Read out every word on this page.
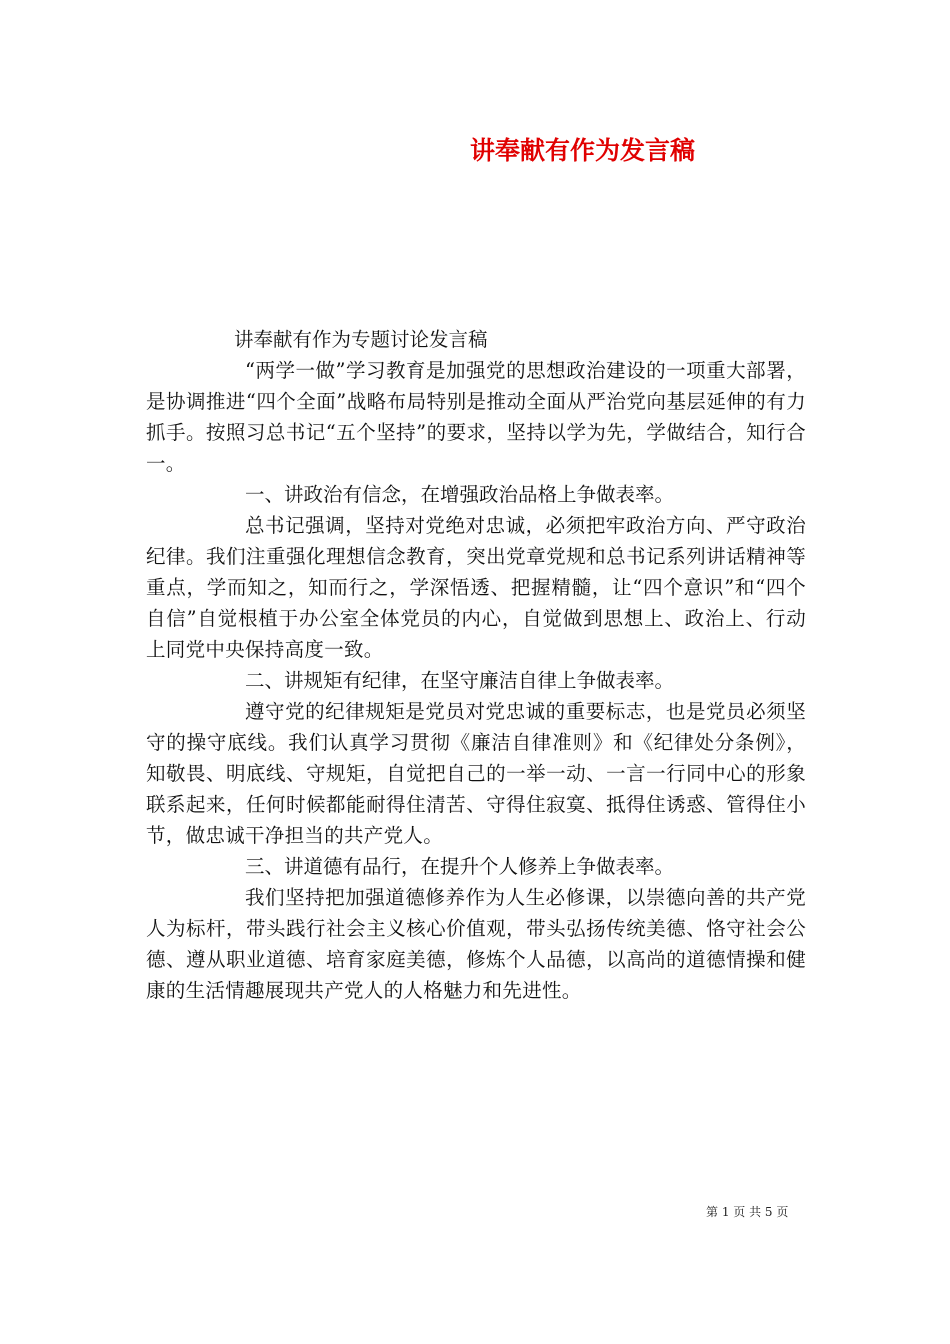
讲奉献有作为发言稿

讲奉献有作为专题讨论发言稿

“两学一做”学习教育是加强党的思想政治建设的一项重大部署，是协调推进“四个全面”战略布局特别是推动全面从严治党向基层延伸的有力抓手。按照习总书记“五个坚持”的要求，坚持以学为先，学做结合，知行合一。

一、讲政治有信念，在增强政治品格上争做表率。

总书记强调，坚持对党绝对忠诚，必须把牢政治方向、严守政治纪律。我们注重强化理想信念教育，突出党章党规和总书记系列讲话精神等重点，学而知之，知而行之，学深悟透、把握精髓，让“四个意识”和“四个自信”自觉根植于办公室全体党员的内心，自觉做到思想上、政治上、行动上同党中央保持高度一致。

二、讲规矩有纪律，在坚守廉洁自律上争做表率。

遵守党的纪律规矩是党员对党忠诚的重要标志，也是党员必须坚守的操守底线。我们认真学习贯彻《廉洁自律准则》和《纪律处分条例》，知敬畏、明底线、守规矩，自觉把自己的一举一动、一言一行同中心的形象联系起来，任何时候都能耐得住清苦、守得住寂寞、抵得住诱惑、管得住小节，做忠诚干净担当的共产党人。

三、讲道德有品行，在提升个人修养上争做表率。

我们坚持把加强道德修养作为人生必修课，以崇德向善的共产党人为标杆，带头践行社会主义核心价值观，带头弘扬传统美德、恪守社会公德、遵从职业道德、培育家庭美德，修炼个人品德，以高尚的道德情操和健康的生活情趣展现共产党人的人格魅力和先进性。

第 1 页 共 5 页
